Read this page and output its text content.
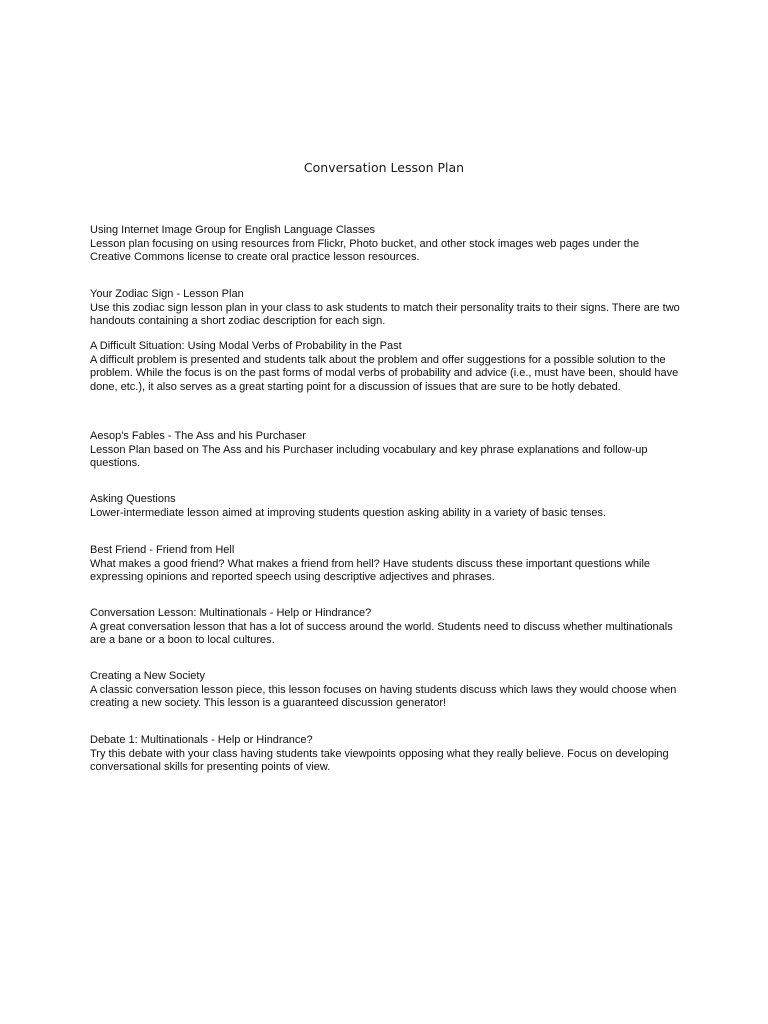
Conversation Lesson Plan
Using Internet Image Group for English Language Classes
Lesson plan focusing on using resources from Flickr, Photo bucket, and other stock images web pages under the Creative Commons license to create oral practice lesson resources.
Your Zodiac Sign - Lesson Plan
Use this zodiac sign lesson plan in your class to ask students to match their personality traits to their signs. There are two handouts containing a short zodiac description for each sign.
A Difficult Situation: Using Modal Verbs of Probability in the Past
A difficult problem is presented and students talk about the problem and offer suggestions for a possible solution to the problem. While the focus is on the past forms of modal verbs of probability and advice (i.e., must have been, should have done, etc.), it also serves as a great starting point for a discussion of issues that are sure to be hotly debated.
Aesop's Fables - The Ass and his Purchaser
Lesson Plan based on The Ass and his Purchaser including vocabulary and key phrase explanations and follow-up questions.
Asking Questions
Lower-intermediate lesson aimed at improving students question asking ability in a variety of basic tenses.
Best Friend - Friend from Hell
What makes a good friend? What makes a friend from hell? Have students discuss these important questions while expressing opinions and reported speech using descriptive adjectives and phrases.
Conversation Lesson: Multinationals - Help or Hindrance?
A great conversation lesson that has a lot of success around the world. Students need to discuss whether multinationals are a bane or a boon to local cultures.
Creating a New Society
A classic conversation lesson piece, this lesson focuses on having students discuss which laws they would choose when creating a new society. This lesson is a guaranteed discussion generator!
Debate 1: Multinationals - Help or Hindrance?
Try this debate with your class having students take viewpoints opposing what they really believe. Focus on developing conversational skills for presenting points of view.
